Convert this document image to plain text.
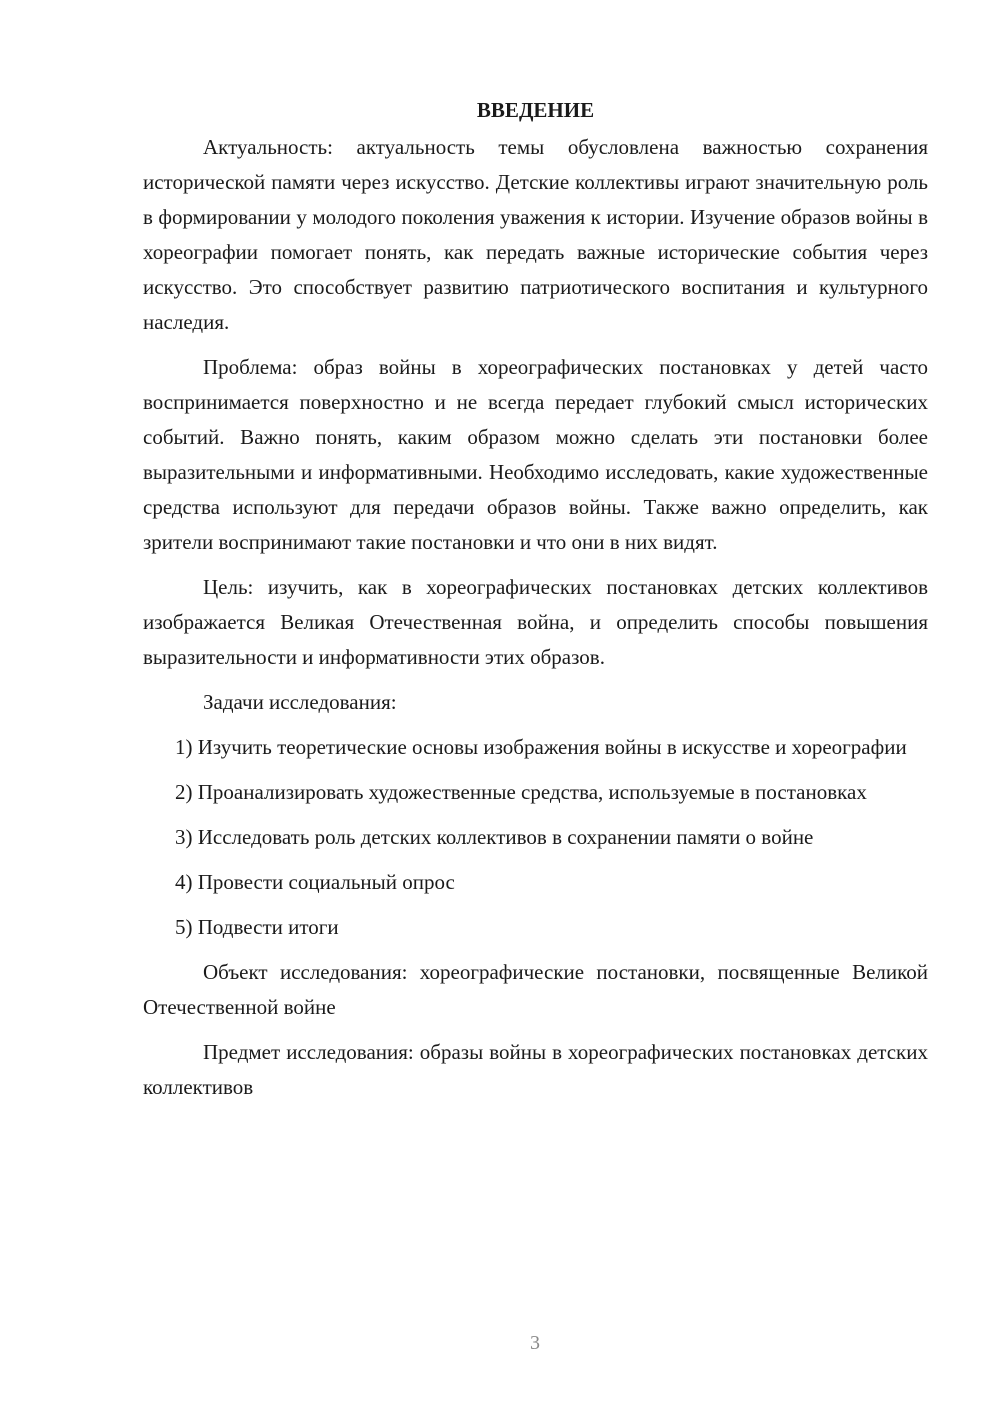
ВВЕДЕНИЕ

Актуальность: актуальность темы обусловлена важностью сохранения исторической памяти через искусство. Детские коллективы играют значительную роль в формировании у молодого поколения уважения к истории. Изучение образов войны в хореографии помогает понять, как передать важные исторические события через искусство. Это способствует развитию патриотического воспитания и культурного наследия.

Проблема: образ войны в хореографических постановках у детей часто воспринимается поверхностно и не всегда передает глубокий смысл исторических событий. Важно понять, каким образом можно сделать эти постановки более выразительными и информативными. Необходимо исследовать, какие художественные средства используют для передачи образов войны. Также важно определить, как зрители воспринимают такие постановки и что они в них видят.

Цель: изучить, как в хореографических постановках детских коллективов изображается Великая Отечественная война, и определить способы повышения выразительности и информативности этих образов.

Задачи исследования:

1) Изучить теоретические основы изображения войны в искусстве и хореографии

2) Проанализировать художественные средства, используемые в постановках

3) Исследовать роль детских коллективов в сохранении памяти о войне

4) Провести социальный опрос

5) Подвести итоги

Объект исследования: хореографические постановки, посвященные Великой Отечественной войне

Предмет исследования: образы войны в хореографических постановках детских коллективов

3
